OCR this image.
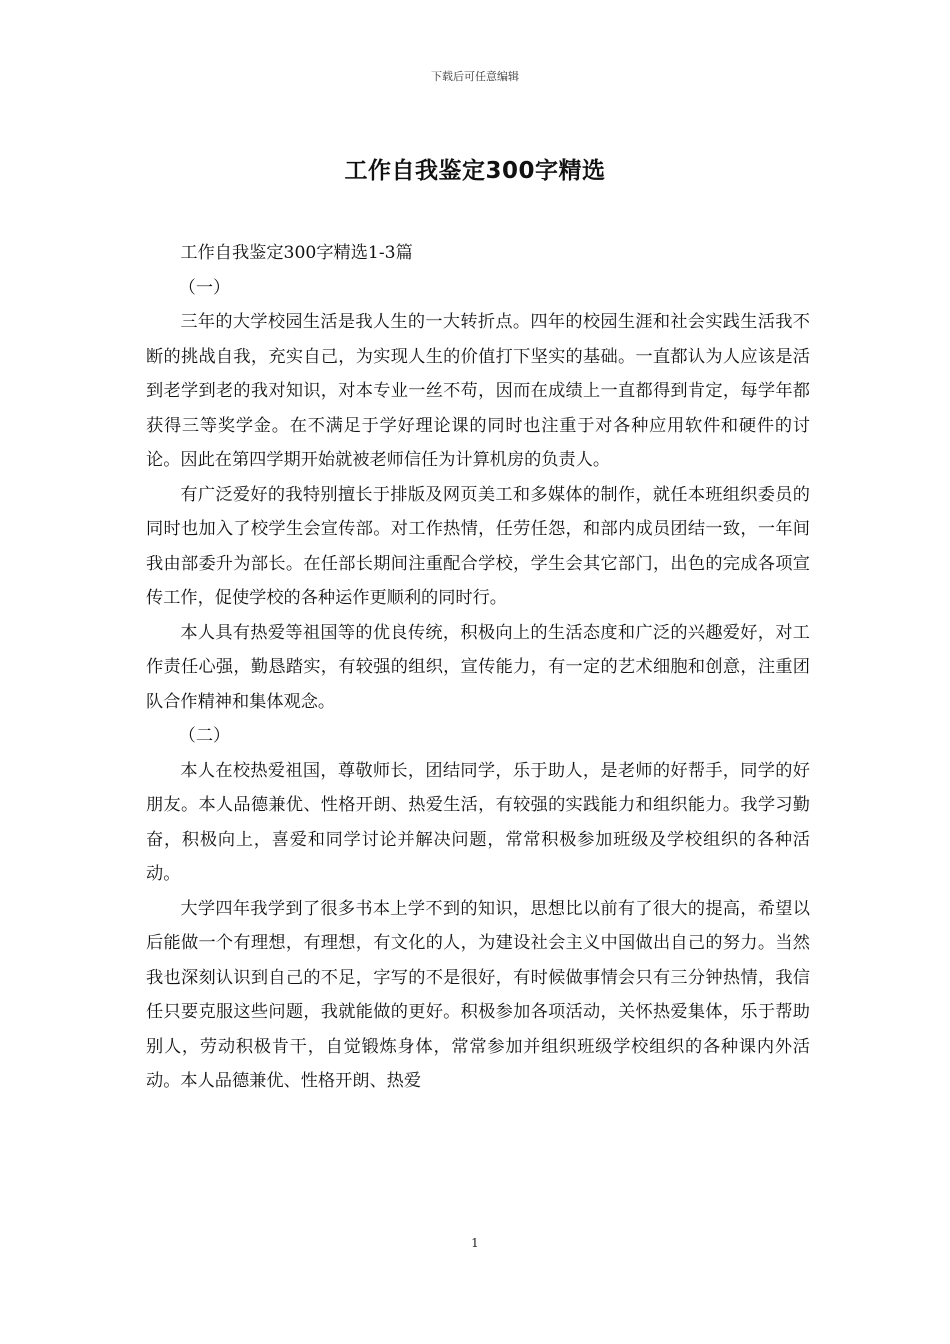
下载后可任意编辑
工作自我鉴定300字精选

工作自我鉴定300字精选1-3篇

（一）

三年的大学校园生活是我人生的一大转折点。四年的校园生涯和社会实践生活我不断的挑战自我，充实自己，为实现人生的价值打下坚实的基础。一直都认为人应该是活到老学到老的我对知识，对本专业一丝不苟，因而在成绩上一直都得到肯定，每学年都获得三等奖学金。在不满足于学好理论课的同时也注重于对各种应用软件和硬件的讨论。因此在第四学期开始就被老师信任为计算机房的负责人。

有广泛爱好的我特别擅长于排版及网页美工和多媒体的制作，就任本班组织委员的同时也加入了校学生会宣传部。对工作热情，任劳任怨，和部内成员团结一致，一年间我由部委升为部长。在任部长期间注重配合学校，学生会其它部门，出色的完成各项宣传工作，促使学校的各种运作更顺利的同时行。

本人具有热爱等祖国等的优良传统，积极向上的生活态度和广泛的兴趣爱好，对工作责任心强，勤恳踏实，有较强的组织，宣传能力，有一定的艺术细胞和创意，注重团队合作精神和集体观念。

（二）

本人在校热爱祖国，尊敬师长，团结同学，乐于助人，是老师的好帮手，同学的好朋友。本人品德兼优、性格开朗、热爱生活，有较强的实践能力和组织能力。我学习勤奋，积极向上，喜爱和同学讨论并解决问题，常常积极参加班级及学校组织的各种活动。

大学四年我学到了很多书本上学不到的知识，思想比以前有了很大的提高，希望以后能做一个有理想，有理想，有文化的人，为建设社会主义中国做出自己的努力。当然我也深刻认识到自己的不足，字写的不是很好，有时候做事情会只有三分钟热情，我信任只要克服这些问题，我就能做的更好。积极参加各项活动，关怀热爱集体，乐于帮助别人，劳动积极肯干，自觉锻炼身体，常常参加并组织班级学校组织的各种课内外活动。本人品德兼优、性格开朗、热爱

1
